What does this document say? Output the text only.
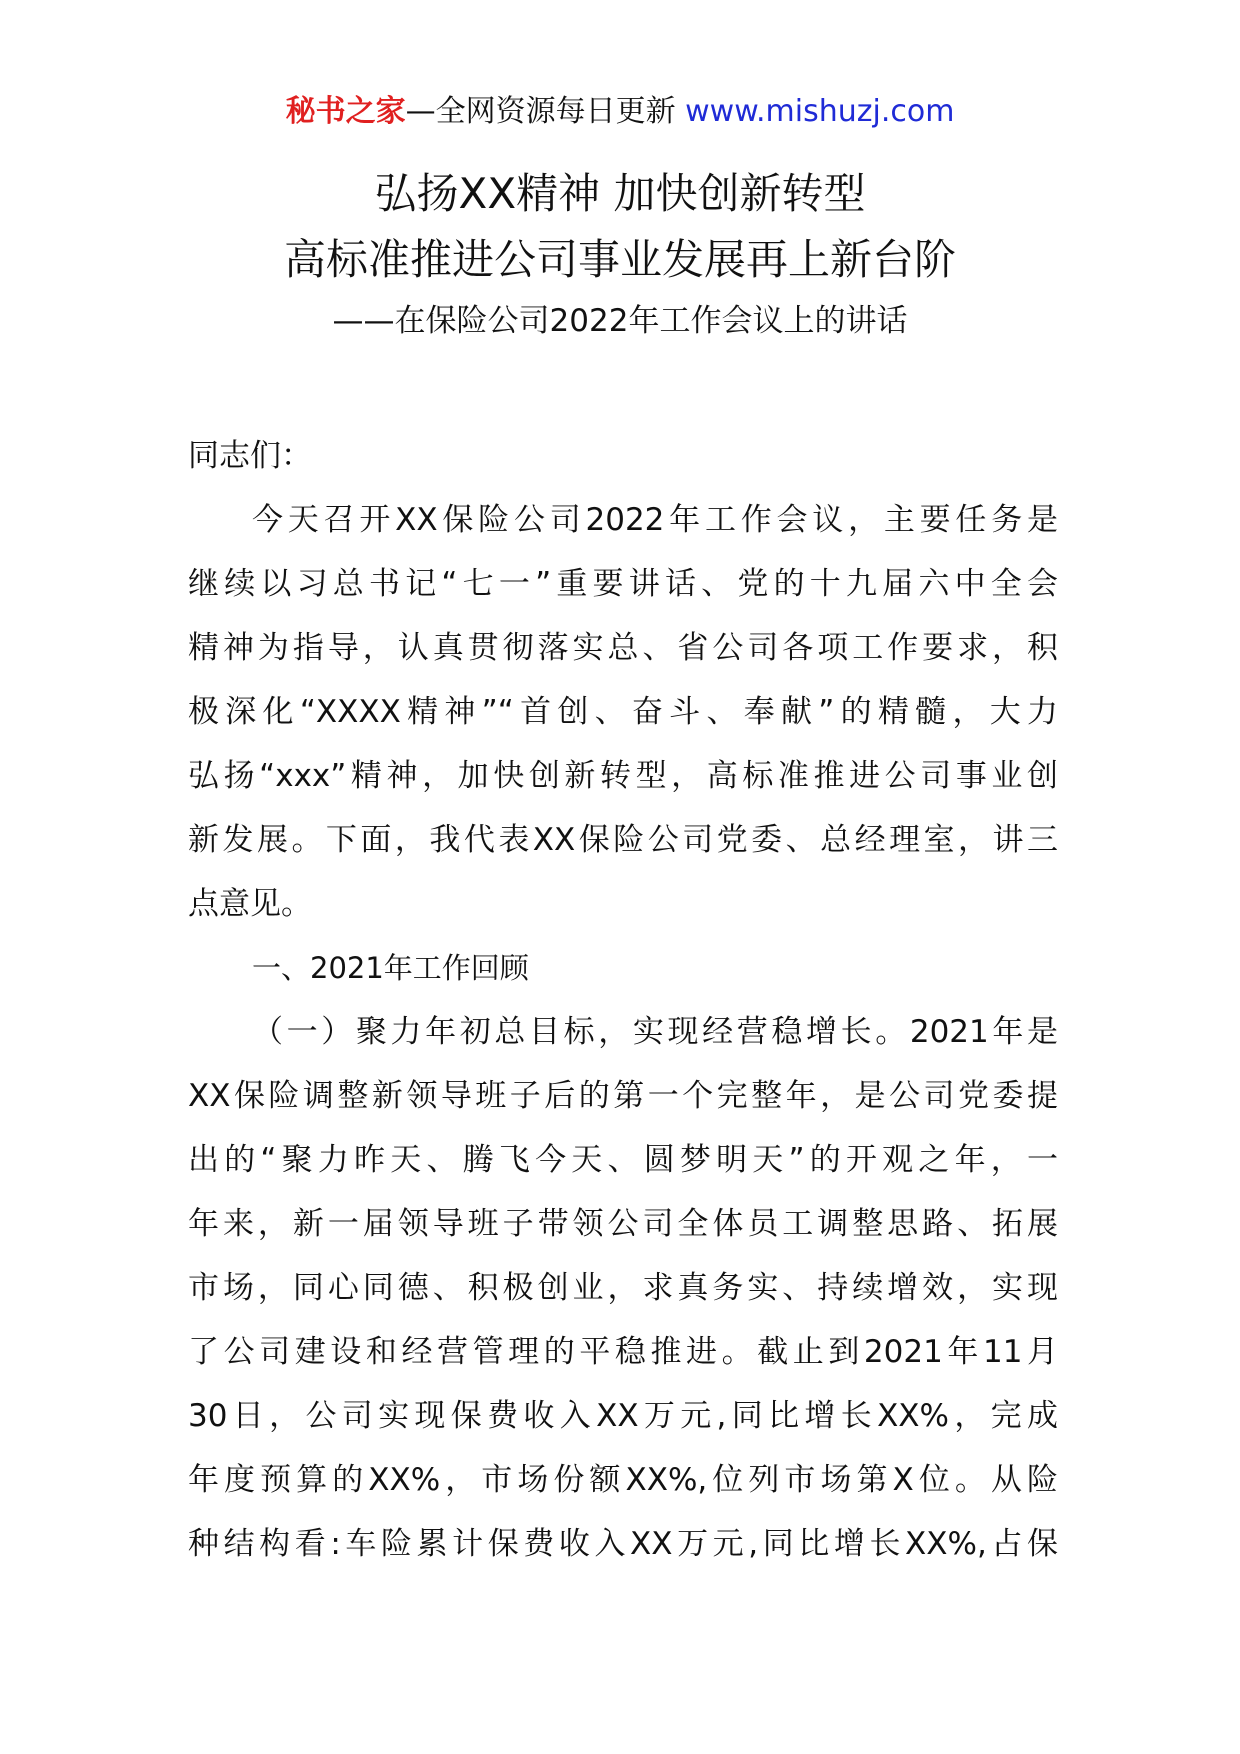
秘书之家—全网资源每日更新 www.mishuzj.com
弘扬XX精神 加快创新转型
高标准推进公司事业发展再上新台阶
——在保险公司2022年工作会议上的讲话
同志们：
今天召开XX保险公司2022年工作会议，主要任务是
继续以习总书记“七一”重要讲话、党的十九届六中全会
精神为指导，认真贯彻落实总、省公司各项工作要求，积
极深化“XXXX精神”“首创、奋斗、奉献”的精髓，大力
弘扬“xxx”精神，加快创新转型，高标准推进公司事业创
新发展。下面，我代表XX保险公司党委、总经理室，讲三
点意见。
一、2021年工作回顾
（一）聚力年初总目标，实现经营稳增长。2021年是
XX保险调整新领导班子后的第一个完整年，是公司党委提
出的“聚力昨天、腾飞今天、圆梦明天”的开观之年，一
年来，新一届领导班子带领公司全体员工调整思路、拓展
市场，同心同德、积极创业，求真务实、持续增效，实现
了公司建设和经营管理的平稳推进。截止到2021年11月
30日，公司实现保费收入XX万元,同比增长XX%，完成
年度预算的XX%，市场份额XX%,位列市场第X位。从险
种结构看:车险累计保费收入XX万元,同比增长XX%,占保
